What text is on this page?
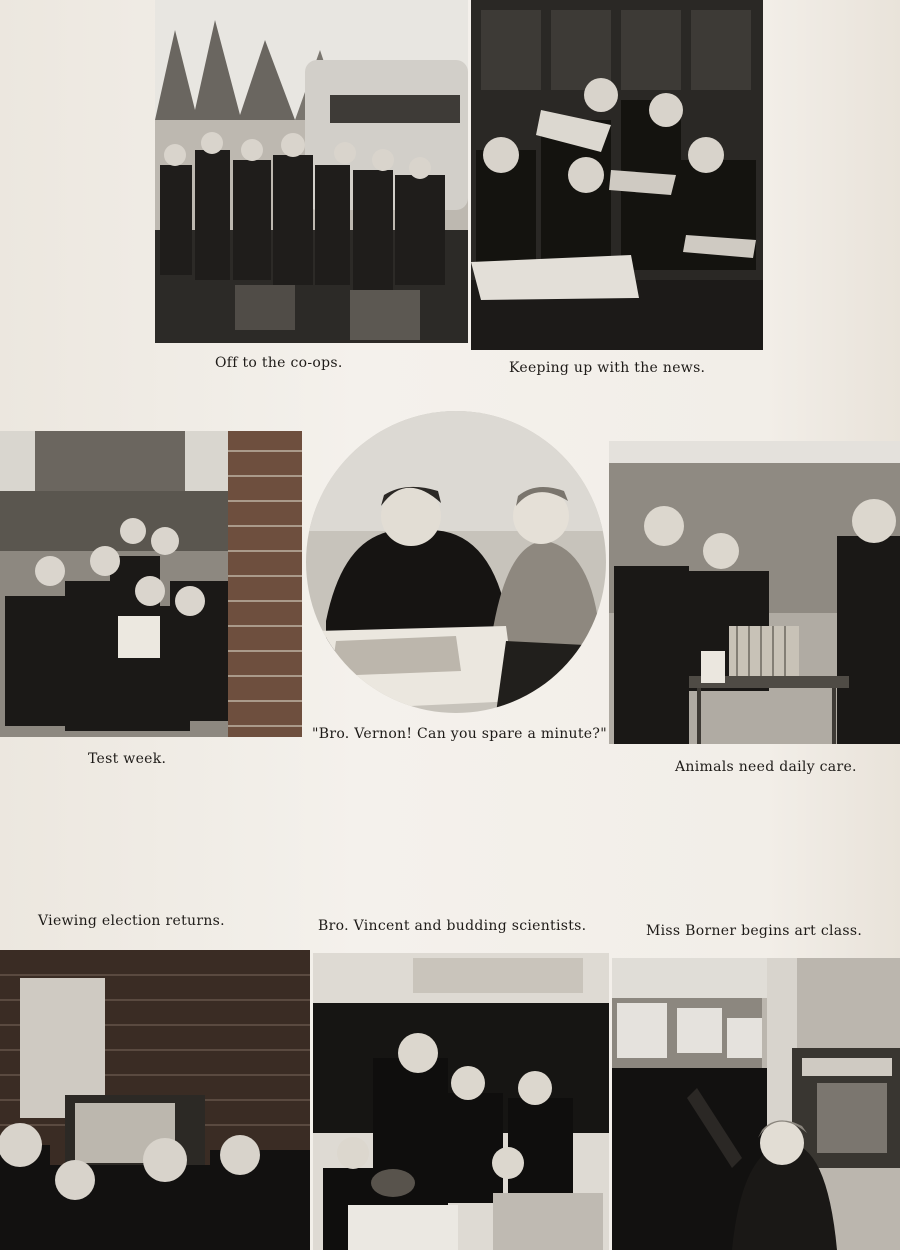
Off to the co-ops.	Keeping up with the news.
Test week.
"Bro. Vernon! Can you spare a minute?"
Animals need daily care.
Viewing election returns.	Bro. Vincent and budding scientists.	Miss Borner begins art class.
